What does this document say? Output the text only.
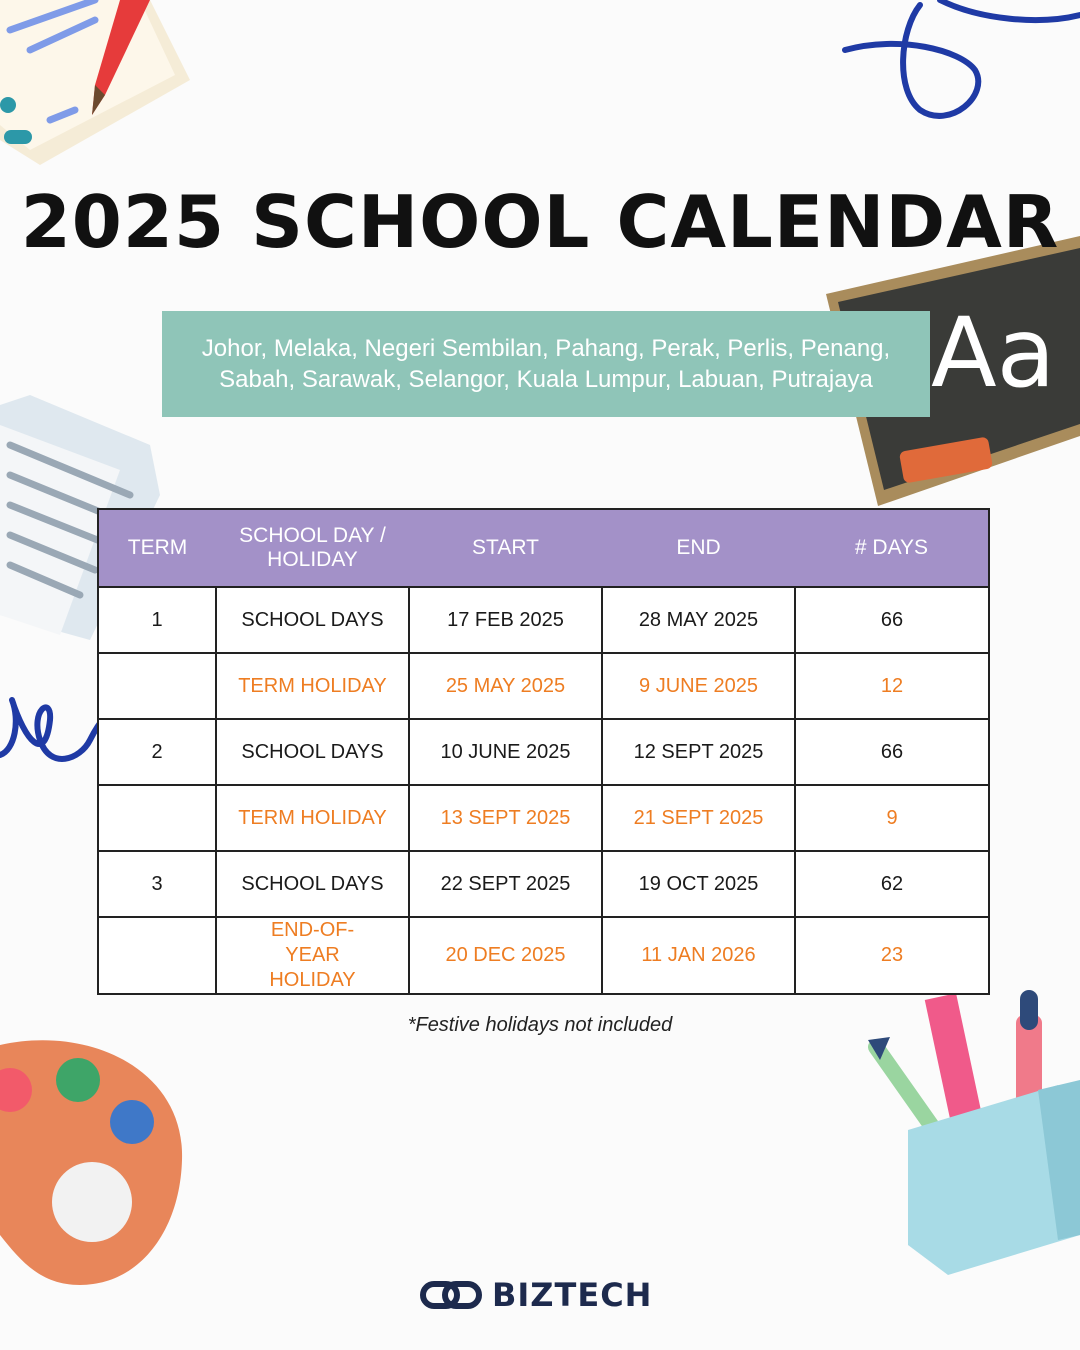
Aa
2025 SCHOOL CALENDAR
Johor, Melaka, Negeri Sembilan, Pahang, Perak, Perlis, Penang, Sabah, Sarawak, Selangor, Kuala Lumpur, Labuan, Putrajaya
TERM	SCHOOL DAY / HOLIDAY	START	END	# DAYS
1	SCHOOL DAYS	17 FEB 2025	28 MAY 2025	66
	TERM HOLIDAY	25 MAY 2025	9 JUNE 2025	12
2	SCHOOL DAYS	10 JUNE 2025	12 SEPT 2025	66
	TERM HOLIDAY	13 SEPT 2025	21 SEPT 2025	9
3	SCHOOL DAYS	22 SEPT 2025	19 OCT 2025	62
	END-OF-YEAR HOLIDAY	20 DEC 2025	11 JAN 2026	23
*Festive holidays not included
BIZTECH
